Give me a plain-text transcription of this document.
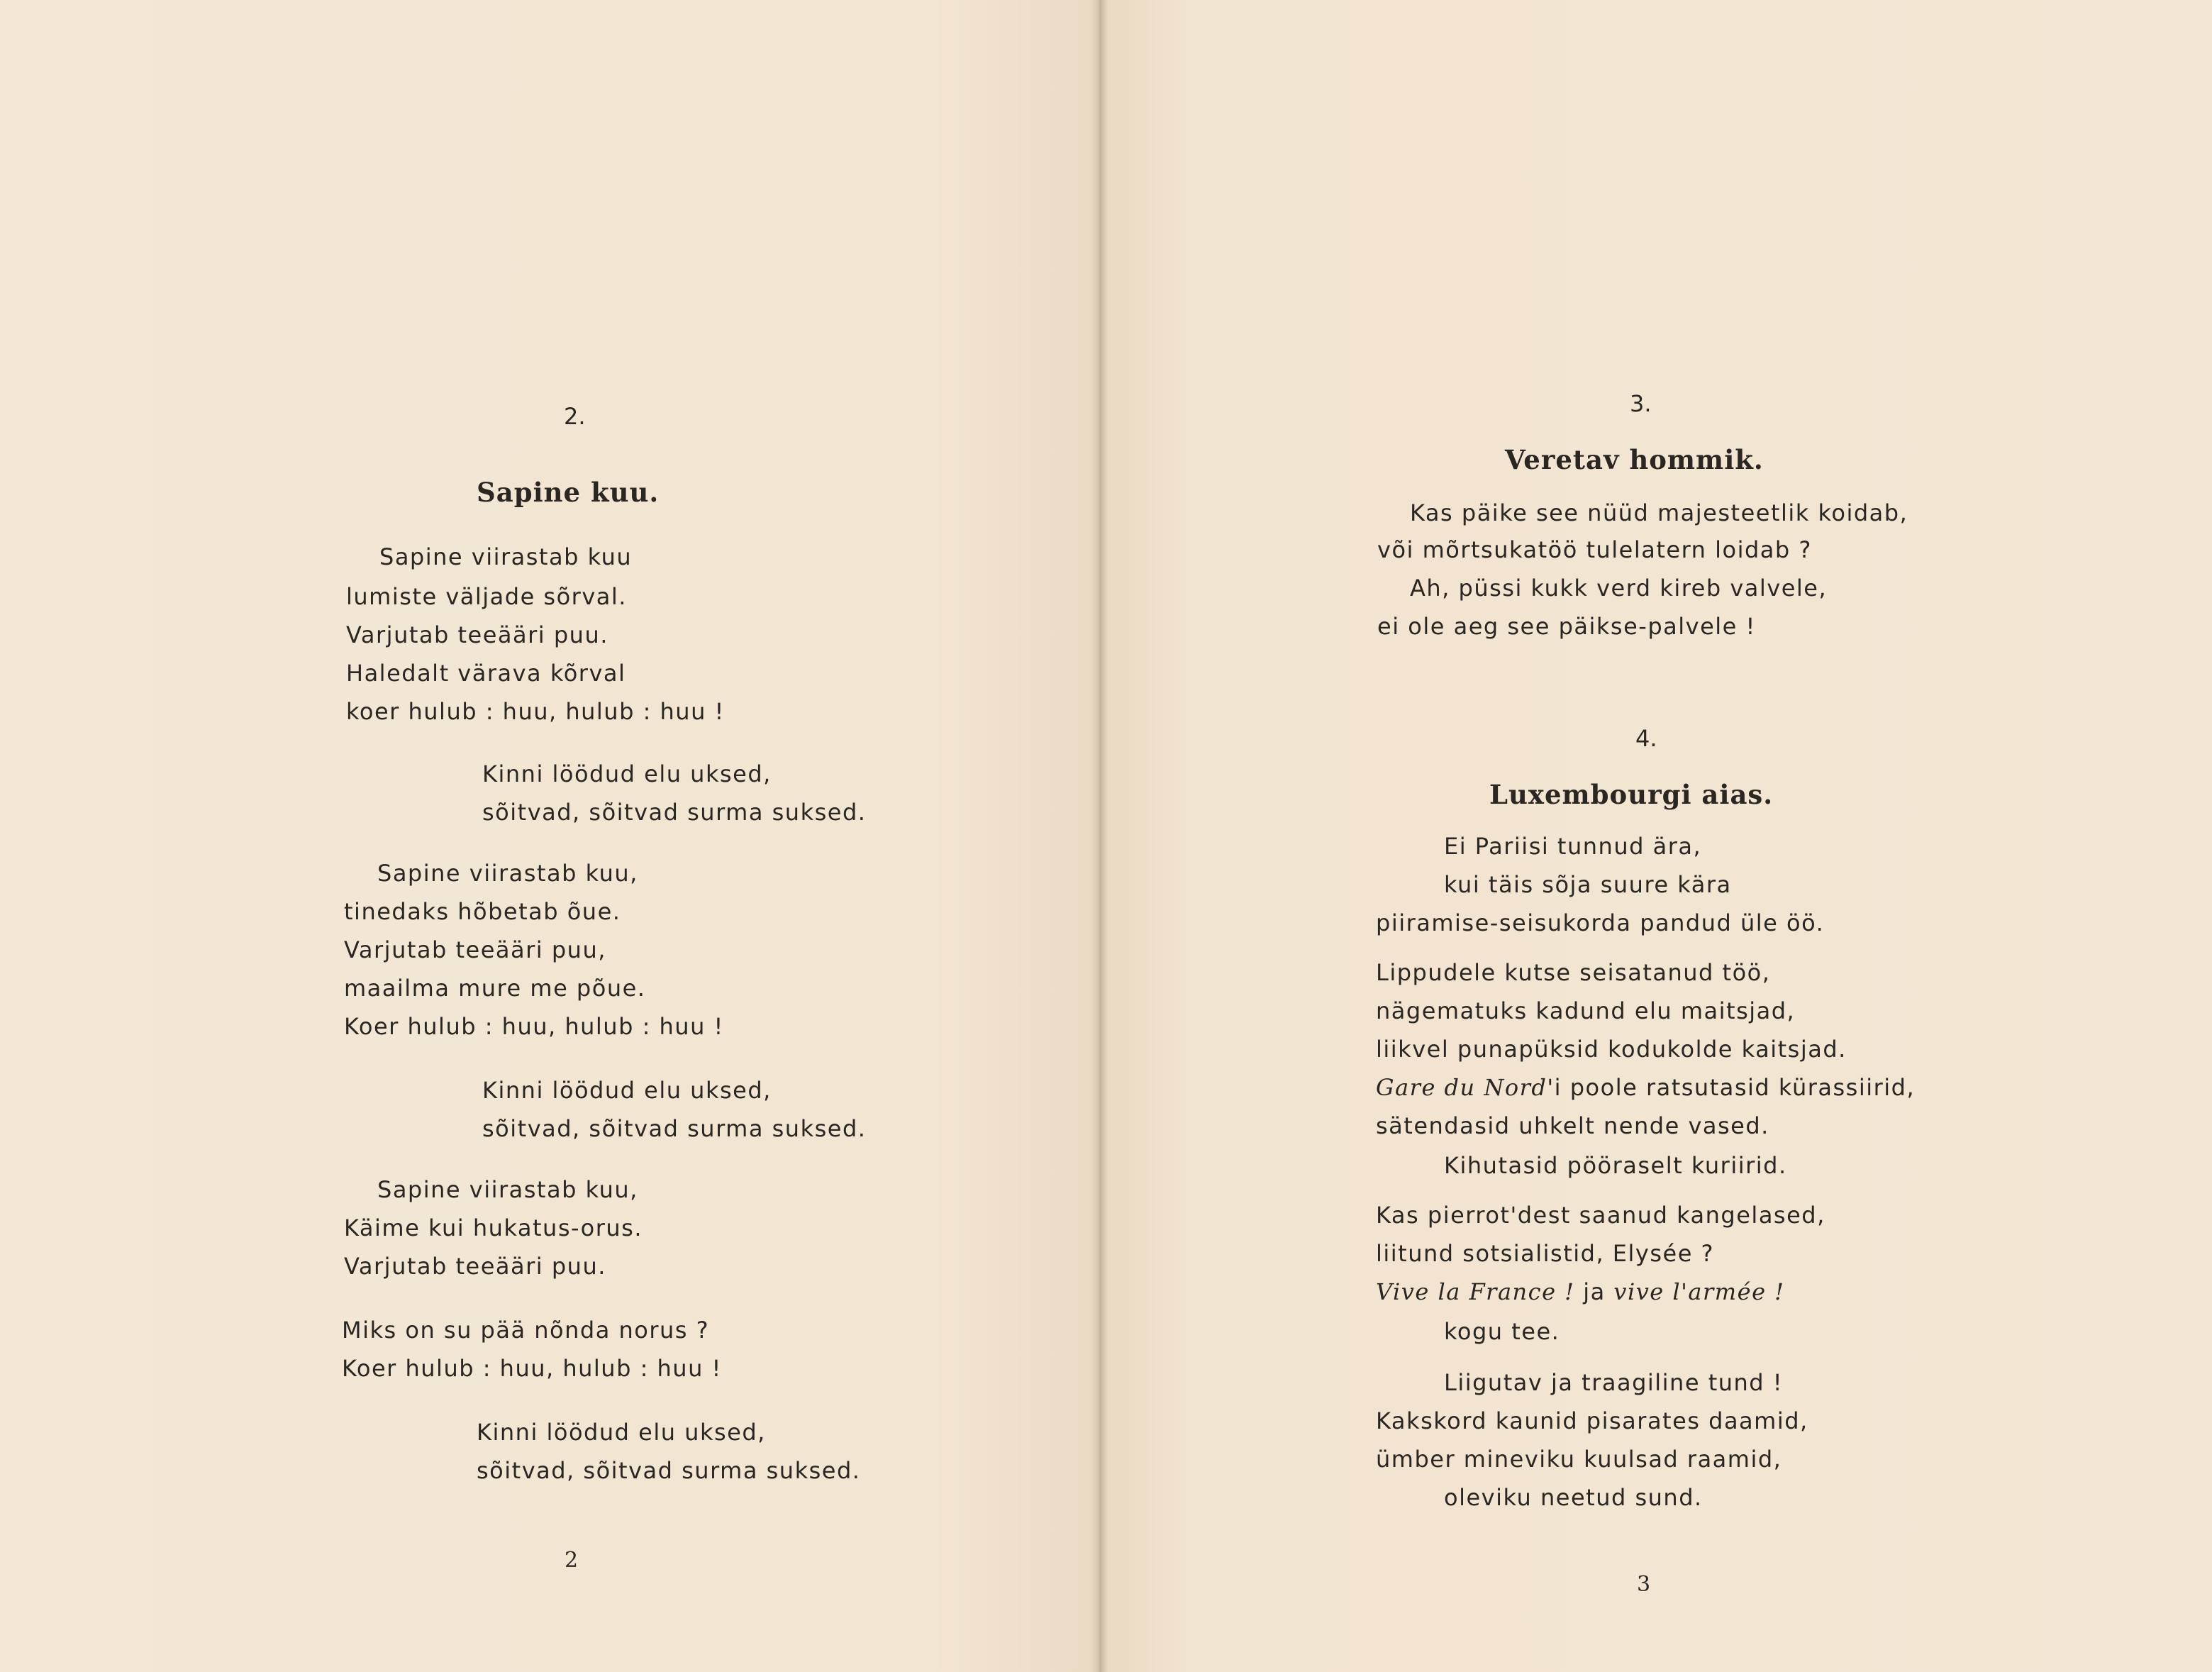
2.
Sapine kuu.
Sapine viirastab kuu
lumiste väljade sõrval.
Varjutab teeääri puu.
Haledalt värava kõrval
koer hulub : huu, hulub : huu !
Kinni löödud elu uksed,
sõitvad, sõitvad surma suksed.
Sapine viirastab kuu,
tinedaks hõbetab õue.
Varjutab teeääri puu,
maailma mure me põue.
Koer hulub : huu, hulub : huu !
Kinni löödud elu uksed,
sõitvad, sõitvad surma suksed.
Sapine viirastab kuu,
Käime kui hukatus-orus.
Varjutab teeääri puu.
Miks on su pää nõnda norus ?
Koer hulub : huu, hulub : huu !
Kinni löödud elu uksed,
sõitvad, sõitvad surma suksed.
2
3.
Veretav hommik.
Kas päike see nüüd majesteetlik koidab,
või mõrtsukatöö tulelatern loidab ?
Ah, püssi kukk verd kireb valvele,
ei ole aeg see päikse-palvele !
4.
Luxembourgi aias.
Ei Pariisi tunnud ära,
kui täis sõja suure kära
piiramise-seisukorda pandud üle öö.
Lippudele kutse seisatanud töö,
nägematuks kadund elu maitsjad,
liikvel punapüksid kodukolde kaitsjad.
Gare du Nord'i poole ratsutasid kürassiirid,
sätendasid uhkelt nende vased.
Kihutasid pööraselt kuriirid.
Kas pierrot'dest saanud kangelased,
liitund sotsialistid, Elysée ?
Vive la France ! ja vive l'armée !
kogu tee.
Liigutav ja traagiline tund !
Kakskord kaunid pisarates daamid,
ümber mineviku kuulsad raamid,
oleviku neetud sund.
3
